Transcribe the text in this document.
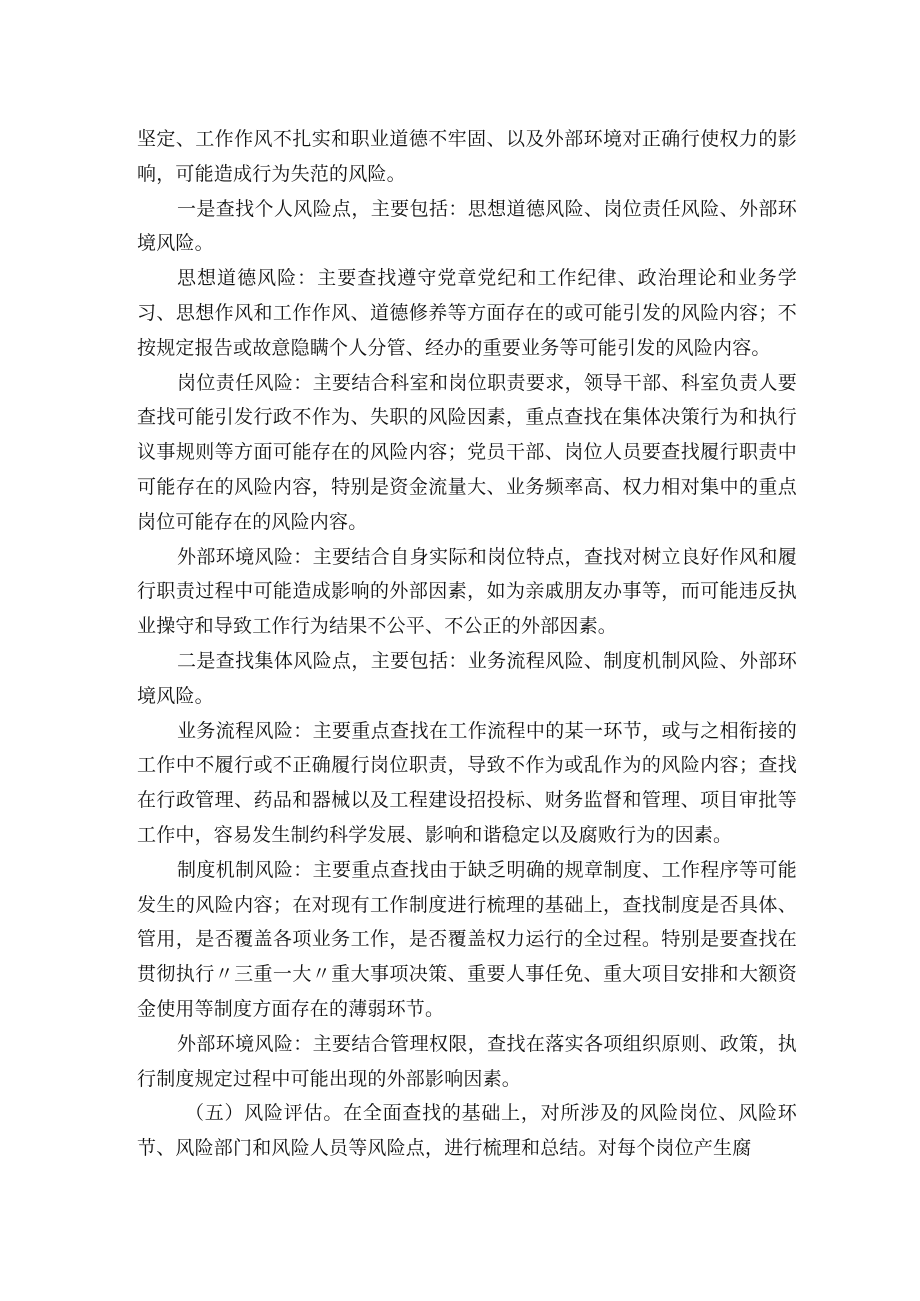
坚定、工作作风不扎实和职业道德不牢固、以及外部环境对正确行使权力的影响，可能造成行为失范的风险。

一是查找个人风险点，主要包括：思想道德风险、岗位责任风险、外部环境风险。

思想道德风险：主要查找遵守党章党纪和工作纪律、政治理论和业务学习、思想作风和工作作风、道德修养等方面存在的或可能引发的风险内容；不按规定报告或故意隐瞒个人分管、经办的重要业务等可能引发的风险内容。

岗位责任风险：主要结合科室和岗位职责要求，领导干部、科室负责人要查找可能引发行政不作为、失职的风险因素，重点查找在集体决策行为和执行议事规则等方面可能存在的风险内容；党员干部、岗位人员要查找履行职责中可能存在的风险内容，特别是资金流量大、业务频率高、权力相对集中的重点岗位可能存在的风险内容。

外部环境风险：主要结合自身实际和岗位特点，查找对树立良好作风和履行职责过程中可能造成影响的外部因素，如为亲戚朋友办事等，而可能违反执业操守和导致工作行为结果不公平、不公正的外部因素。

二是查找集体风险点，主要包括：业务流程风险、制度机制风险、外部环境风险。

业务流程风险：主要重点查找在工作流程中的某一环节，或与之相衔接的工作中不履行或不正确履行岗位职责，导致不作为或乱作为的风险内容；查找在行政管理、药品和器械以及工程建设招投标、财务监督和管理、项目审批等工作中，容易发生制约科学发展、影响和谐稳定以及腐败行为的因素。

制度机制风险：主要重点查找由于缺乏明确的规章制度、工作程序等可能发生的风险内容；在对现有工作制度进行梳理的基础上，查找制度是否具体、管用，是否覆盖各项业务工作，是否覆盖权力运行的全过程。特别是要查找在贯彻执行〃三重一大〃重大事项决策、重要人事任免、重大项目安排和大额资金使用等制度方面存在的薄弱环节。

外部环境风险：主要结合管理权限，查找在落实各项组织原则、政策，执行制度规定过程中可能出现的外部影响因素。

（五）风险评估。在全面查找的基础上，对所涉及的风险岗位、风险环节、风险部门和风险人员等风险点，进行梳理和总结。对每个岗位产生腐
